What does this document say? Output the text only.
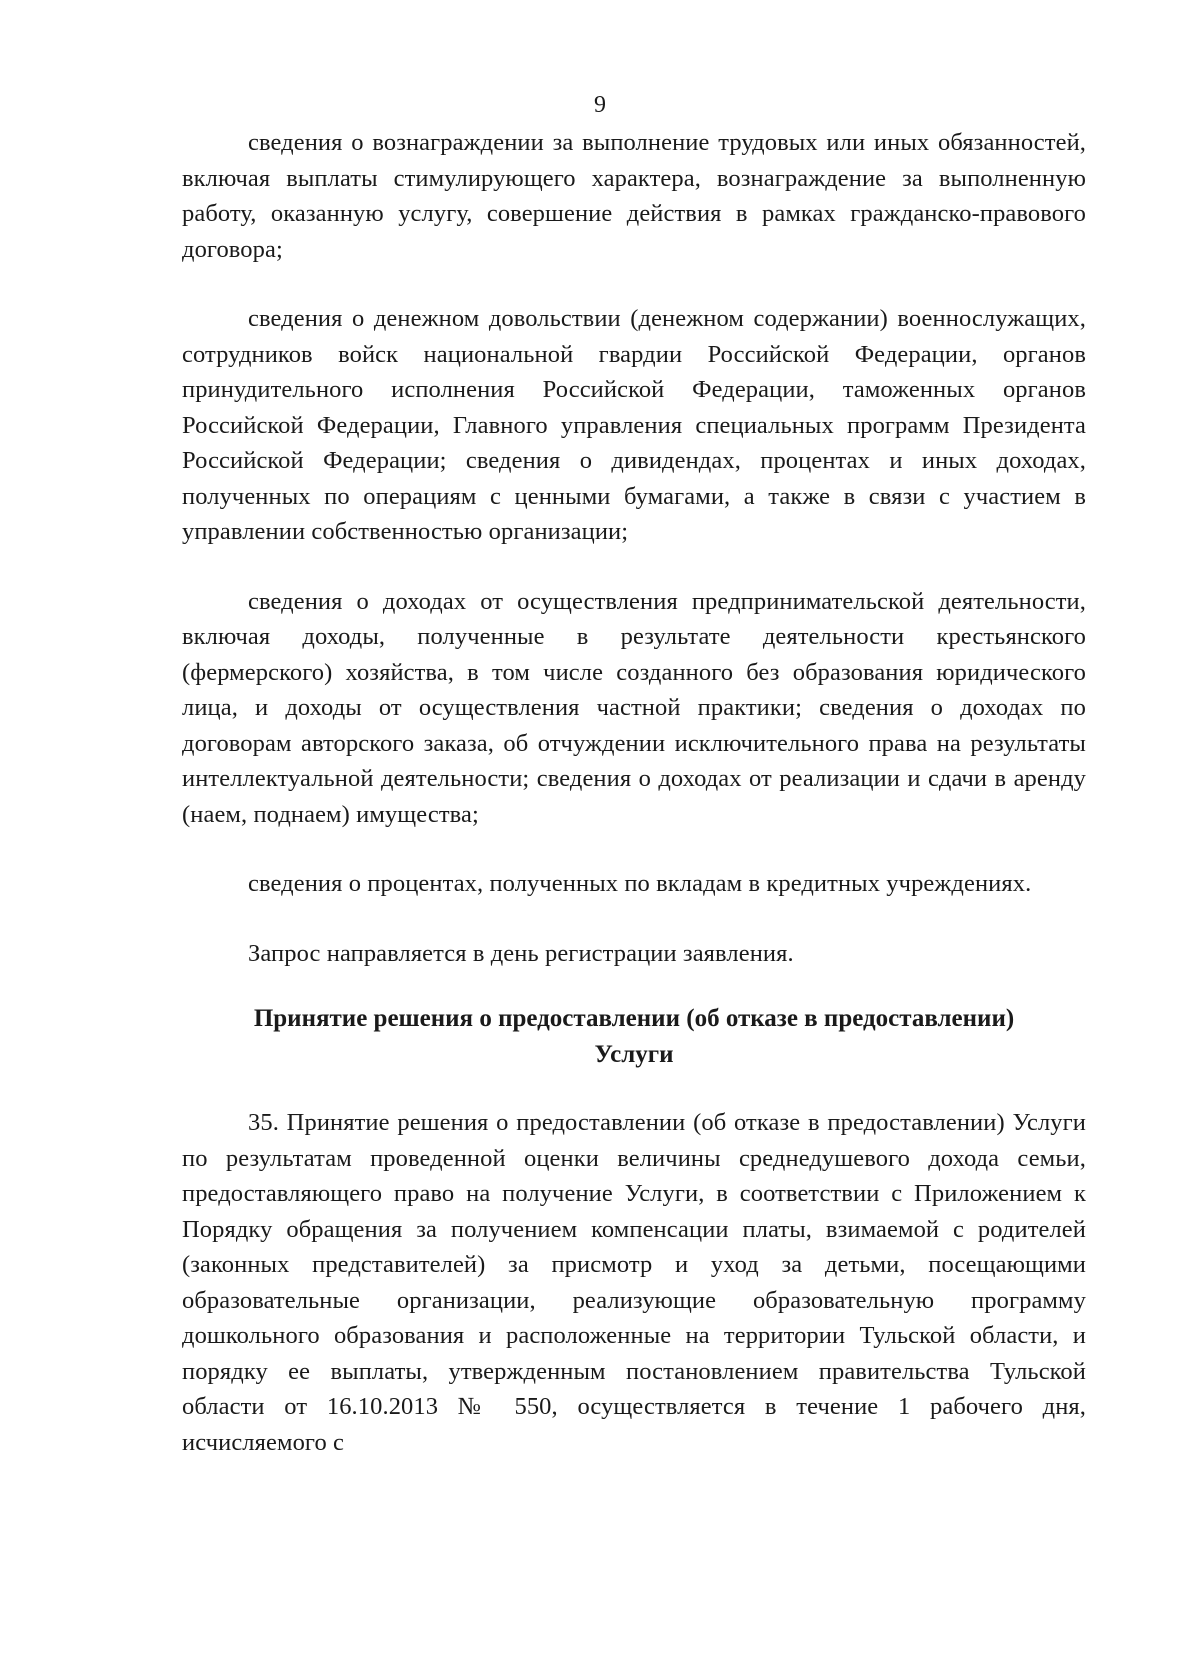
9

сведения о вознаграждении за выполнение трудовых или иных обязанностей, включая выплаты стимулирующего характера, вознаграждение за выполненную работу, оказанную услугу, совершение действия в рамках гражданско-правового договора;

сведения о денежном довольствии (денежном содержании) военнослужащих, сотрудников войск национальной гвардии Российской Федерации, органов принудительного исполнения Российской Федерации, таможенных органов Российской Федерации, Главного управления специальных программ Президента Российской Федерации; сведения о дивидендах, процентах и иных доходах, полученных по операциям с ценными бумагами, а также в связи с участием в управлении собственностью организации;

сведения о доходах от осуществления предпринимательской деятельности, включая доходы, полученные в результате деятельности крестьянского (фермерского) хозяйства, в том числе созданного без образования юридического лица, и доходы от осуществления частной практики; сведения о доходах по договорам авторского заказа, об отчуждении исключительного права на результаты интеллектуальной деятельности; сведения о доходах от реализации и сдачи в аренду (наем, поднаем) имущества;

сведения о процентах, полученных по вкладам в кредитных учреждениях.

Запрос направляется в день регистрации заявления.

Принятие решения о предоставлении (об отказе в предоставлении)
Услуги

35. Принятие решения о предоставлении (об отказе в предоставлении) Услуги по результатам проведенной оценки величины среднедушевого дохода семьи, предоставляющего право на получение Услуги, в соответствии с Приложением к Порядку обращения за получением компенсации платы, взимаемой с родителей (законных представителей) за присмотр и уход за детьми, посещающими образовательные организации, реализующие образовательную программу дошкольного образования и расположенные на территории Тульской области, и порядку ее выплаты, утвержденным постановлением правительства Тульской области от 16.10.2013 № 550, осуществляется в течение 1 рабочего дня, исчисляемого с
